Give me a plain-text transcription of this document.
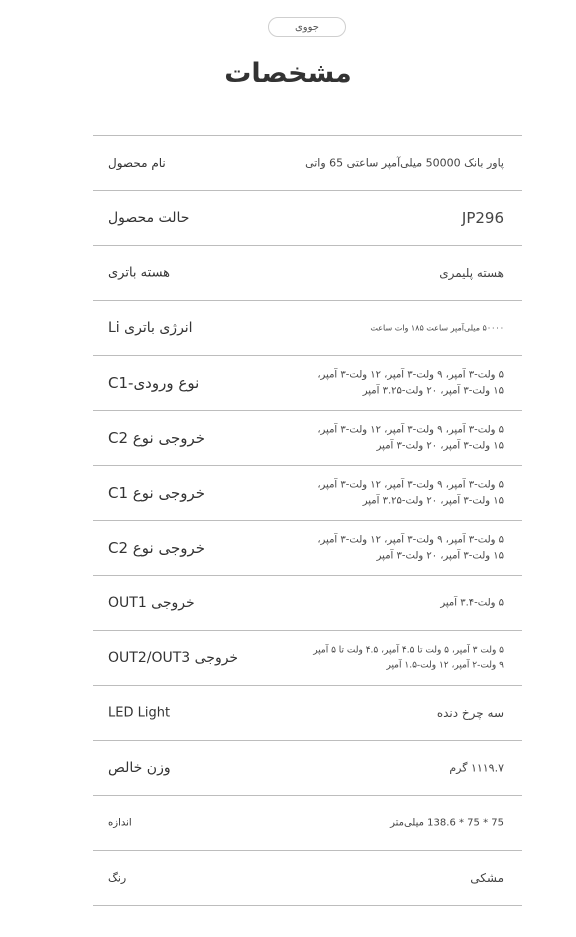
جووی
مشخصات
نام محصول	پاور بانک 50000 میلی‌آمپر ساعتی 65 واتی
حالت محصول	JP296
هسته باتری	هسته پلیمری
انرژی باتری Li	۵۰۰۰۰ میلی‌آمپر ساعت ۱۸۵ وات ساعت
نوع ورودی-C1	۵ ولت-۳ آمپر، ۹ ولت-۳ آمپر، ۱۲ ولت-۳ آمپر،
۱۵ ولت-۳ آمپر، ۲۰ ولت-۳.۲۵ آمپر
خروجی نوع C2	۵ ولت-۳ آمپر، ۹ ولت-۳ آمپر، ۱۲ ولت-۳ آمپر،
۱۵ ولت-۳ آمپر، ۲۰ ولت-۳ آمپر
خروجی نوع C1	۵ ولت-۳ آمپر، ۹ ولت-۳ آمپر، ۱۲ ولت-۳ آمپر،
۱۵ ولت-۳ آمپر، ۲۰ ولت-۳.۲۵ آمپر
خروجی نوع C2	۵ ولت-۳ آمپر، ۹ ولت-۳ آمپر، ۱۲ ولت-۳ آمپر،
۱۵ ولت-۳ آمپر، ۲۰ ولت-۳ آمپر
خروجی OUT1	۵ ولت-۳.۴ آمپر
خروجی OUT2/OUT3	۵ ولت ۳ آمپر، ۵ ولت تا ۴.۵ آمپر، ۴.۵ ولت تا ۵ آمپر
۹ ولت-۲ آمپر، ۱۲ ولت-۱.۵ آمپر
LED Light	سه چرخ دنده
وزن خالص	۱۱۱۹.۷ گرم
اندازه	75 * 75 * 138.6 میلی‌متر
رنگ	مشکی
